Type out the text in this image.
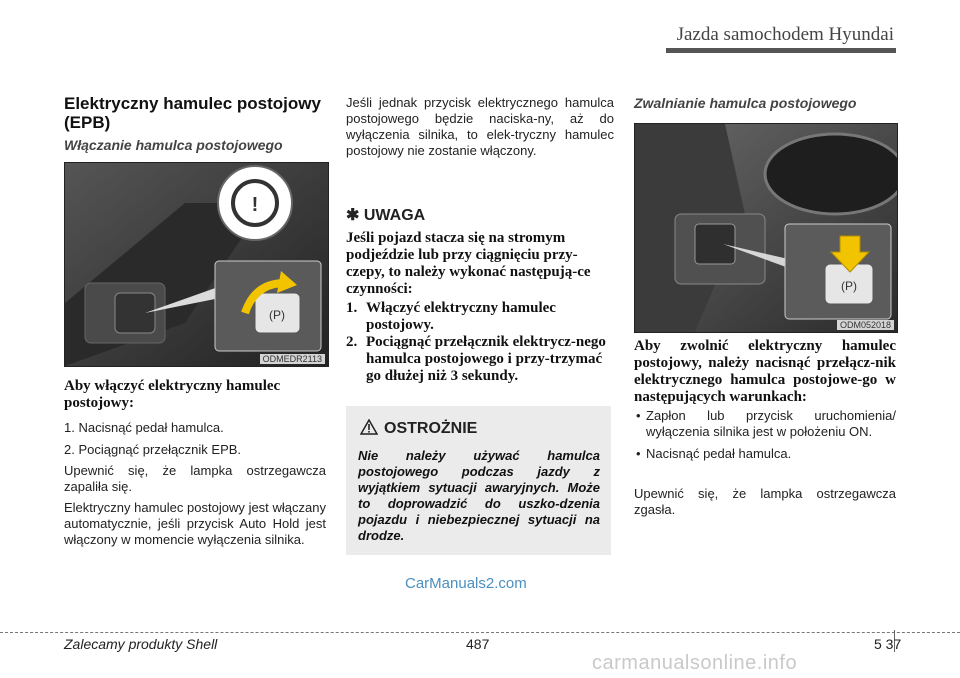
Jazda samochodem Hyundai
Elektryczny hamulec postojowy (EPB)
Włączanie hamulca postojowego
!
(P)
ODMEDR2113
Aby włączyć elektryczny hamulec postojowy:
1. Nacisnąć pedał hamulca.
2. Pociągnąć przełącznik EPB.
Upewnić się, że lampka ostrzegawcza zapaliła się.
Elektryczny hamulec postojowy jest włączany automatycznie, jeśli przycisk Auto Hold jest włączony w momencie wyłączenia silnika.
Jeśli jednak przycisk elektrycznego hamulca postojowego będzie naciska-ny, aż do wyłączenia silnika, to elek-tryczny hamulec postojowy nie zostanie włączony.
✱ UWAGA
Jeśli pojazd stacza się na stromym podjeździe lub przy ciągnięciu przy-czepy, to należy wykonać następują-ce czynności:
1. Włączyć elektryczny hamulec postojowy.
2. Pociągnąć przełącznik elektrycz-nego hamulca postojowego i przy-trzymać go dłużej niż 3 sekundy.
OSTROŻNIE
Nie należy używać hamulca postojowego podczas jazdy z wyjątkiem sytuacji awaryjnych. Może to doprowadzić do uszko-dzenia pojazdu i niebezpiecznej sytuacji na drodze.
Zwalnianie hamulca postojowego
(P)
ODM052018
Aby zwolnić elektryczny hamulec postojowy, należy nacisnąć przełącz-nik elektrycznego hamulca postojowe-go w następujących warunkach:
• Zapłon lub przycisk uruchomienia/ wyłączenia silnika jest w położeniu ON.
• Nacisnąć pedał hamulca.
Upewnić się, że lampka ostrzegawcza zgasła.
CarManuals2.com
Zalecamy produkty Shell	487	5 37
carmanualsonline.info
